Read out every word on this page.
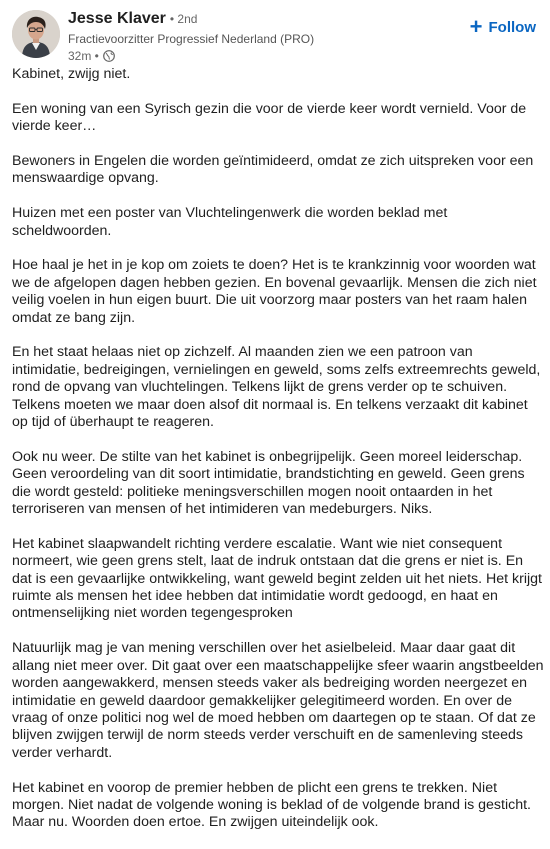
Jesse Klaver • 2nd
Fractievoorzitter Progressief Nederland (PRO)
32m •
+ Follow

Kabinet, zwijg niet.

Een woning van een Syrisch gezin die voor de vierde keer wordt vernield. Voor de vierde keer…

Bewoners in Engelen die worden geïntimideerd, omdat ze zich uitspreken voor een menswaardige opvang.

Huizen met een poster van Vluchtelingenwerk die worden beklad met scheldwoorden.

Hoe haal je het in je kop om zoiets te doen? Het is te krankzinnig voor woorden wat we de afgelopen dagen hebben gezien. En bovenal gevaarlijk. Mensen die zich niet veilig voelen in hun eigen buurt. Die uit voorzorg maar posters van het raam halen omdat ze bang zijn.

En het staat helaas niet op zichzelf. Al maanden zien we een patroon van intimidatie, bedreigingen, vernielingen en geweld, soms zelfs extreemrechts geweld, rond de opvang van vluchtelingen. Telkens lijkt de grens verder op te schuiven. Telkens moeten we maar doen alsof dit normaal is. En telkens verzaakt dit kabinet op tijd of überhaupt te reageren.

Ook nu weer. De stilte van het kabinet is onbegrijpelijk. Geen moreel leiderschap. Geen veroordeling van dit soort intimidatie, brandstichting en geweld. Geen grens die wordt gesteld: politieke meningsverschillen mogen nooit ontaarden in het terroriseren van mensen of het intimideren van medeburgers. Niks.

Het kabinet slaapwandelt richting verdere escalatie. Want wie niet consequent normeert, wie geen grens stelt, laat de indruk ontstaan dat die grens er niet is. En dat is een gevaarlijke ontwikkeling, want geweld begint zelden uit het niets. Het krijgt ruimte als mensen het idee hebben dat intimidatie wordt gedoogd, en haat en ontmenselijking niet worden tegengesproken

Natuurlijk mag je van mening verschillen over het asielbeleid. Maar daar gaat dit allang niet meer over. Dit gaat over een maatschappelijke sfeer waarin angstbeelden worden aangewakkerd, mensen steeds vaker als bedreiging worden neergezet en intimidatie en geweld daardoor gemakkelijker gelegitimeerd worden. En over de vraag of onze politici nog wel de moed hebben om daartegen op te staan. Of dat ze blijven zwijgen terwijl de norm steeds verder verschuift en de samenleving steeds verder verhardt.

Het kabinet en voorop de premier hebben de plicht een grens te trekken. Niet morgen. Niet nadat de volgende woning is beklad of de volgende brand is gesticht. Maar nu. Woorden doen ertoe. En zwijgen uiteindelijk ook.
